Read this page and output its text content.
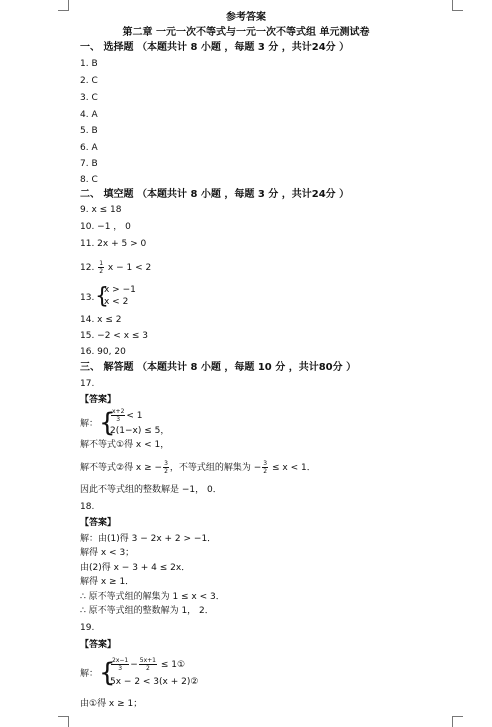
参考答案
第二章 一元一次不等式与一元一次不等式组 单元测试卷
一、 选择题 （本题共计 8 小题 ，每题 3 分 ，共计24分 ）
1. B
2. C
3. C
4. A
5. B
6. A
7. B
8. C
二、 填空题 （本题共计 8 小题 ，每题 3 分 ，共计24分 ）
9. x ≤ 18
10. −1 ， 0
11. 2x + 5 > 0
12. $\frac{1}{2}$ x − 1 < 2
13. {
x > −1
x < 2
14. x ≤ 2
15. −2 < x ≤ 3
16. 90, 20
三、 解答题 （本题共计 8 小题 ，每题 10 分 ，共计80分 ）
17.
【答案】
解： {
$\frac{x+2}{3} < 1$
2(1−x) ≤ 5，
解不等式①得 x < 1，
解不等式②得 x ≥ − $\frac{3}{2}$ ，不等式组的解集为 − $\frac{3}{2} \le x < 1$．
因此不等式组的整数解是 −1， 0．
18.
【答案】
解：由(1)得 3 − 2x + 2 > −1．
解得 x < 3；
由(2)得 x − 3 + 4 ≤ 2x．
解得 x ≥ 1．
∴ 原不等式组的解集为 1 ≤ x < 3．
∴ 原不等式组的整数解为 1， 2．
19.
【答案】
解： {
$\frac{2x-1}{3} - \frac{5x+1}{2}$ ≤ 1①
5x − 2 < 3(x + 2)②
由①得 x ≥ 1；
